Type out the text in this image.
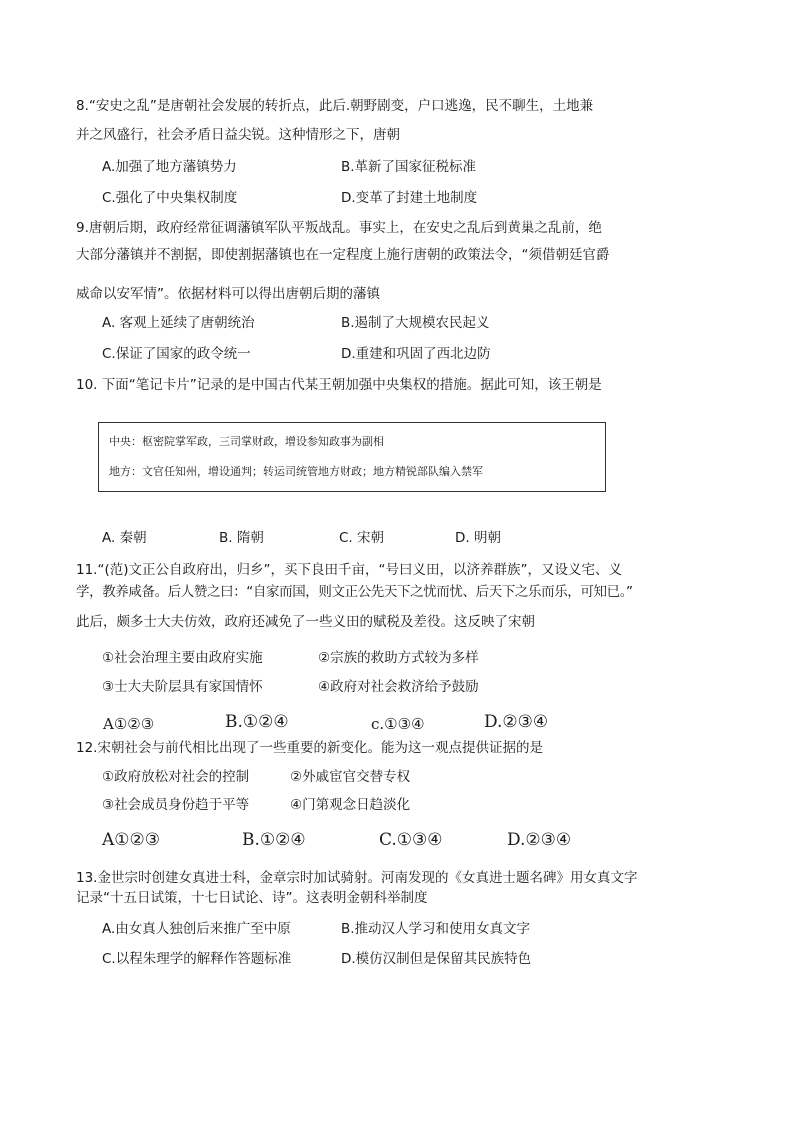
8.“安史之乱”是唐朝社会发展的转折点，此后.朝野剧变，户口逃逸，民不聊生，土地兼
并之风盛行，社会矛盾日益尖锐。这种情形之下，唐朝
A.加强了地方藩镇势力	B.革新了国家征税标准
C.强化了中央集权制度	D.变革了封建土地制度
9.唐朝后期，政府经常征调藩镇军队平叛战乱。事实上，在安史之乱后到黄巢之乱前，绝
大部分藩镇并不割据，即使割据藩镇也在一定程度上施行唐朝的政策法令，“须借朝廷官爵
威命以安军情”。依据材料可以得出唐朝后期的藩镇
A. 客观上延续了唐朝统治	B.遏制了大规模农民起义
C.保证了国家的政令统一	D.重建和巩固了西北边防
10. 下面“笔记卡片”记录的是中国古代某王朝加强中央集权的措施。据此可知，该王朝是
中央：枢密院掌军政，三司掌财政，增设参知政事为副相
地方：文官任知州，增设通判；转运司统管地方财政；地方精锐部队编入禁军
A. 秦朝	B. 隋朝	C. 宋朝	D. 明朝
11.“(范)文正公自政府出，归乡”，买下良田千亩，“号曰义田，以济养群族”，又设义宅、义
学，教养咸备。后人赞之曰：“自家而国，则文正公先天下之忧而忧、后天下之乐而乐，可知已。”
此后，颇多士大夫仿效，政府还减免了一些义田的赋税及差役。这反映了宋朝
①社会治理主要由政府实施	②宗族的救助方式较为多样
③士大夫阶层具有家国情怀	④政府对社会救济给予鼓励
A①②③	B.①②④	c.①③④	D.②③④
12.宋朝社会与前代相比出现了一些重要的新变化。能为这一观点提供证据的是
①政府放松对社会的控制	②外戚宦官交替专权
③社会成员身份趋于平等	④门第观念日趋淡化
A①②③	B.①②④	C.①③④	D.②③④
13.金世宗时创建女真进士科，金章宗时加试骑射。河南发现的《女真进士题名碑》用女真文字
记录“十五日试策，十七日试论、诗”。这表明金朝科举制度
A.由女真人独创后来推广至中原	B.推动汉人学习和使用女真文字
C.以程朱理学的解释作答题标准	D.模仿汉制但是保留其民族特色
